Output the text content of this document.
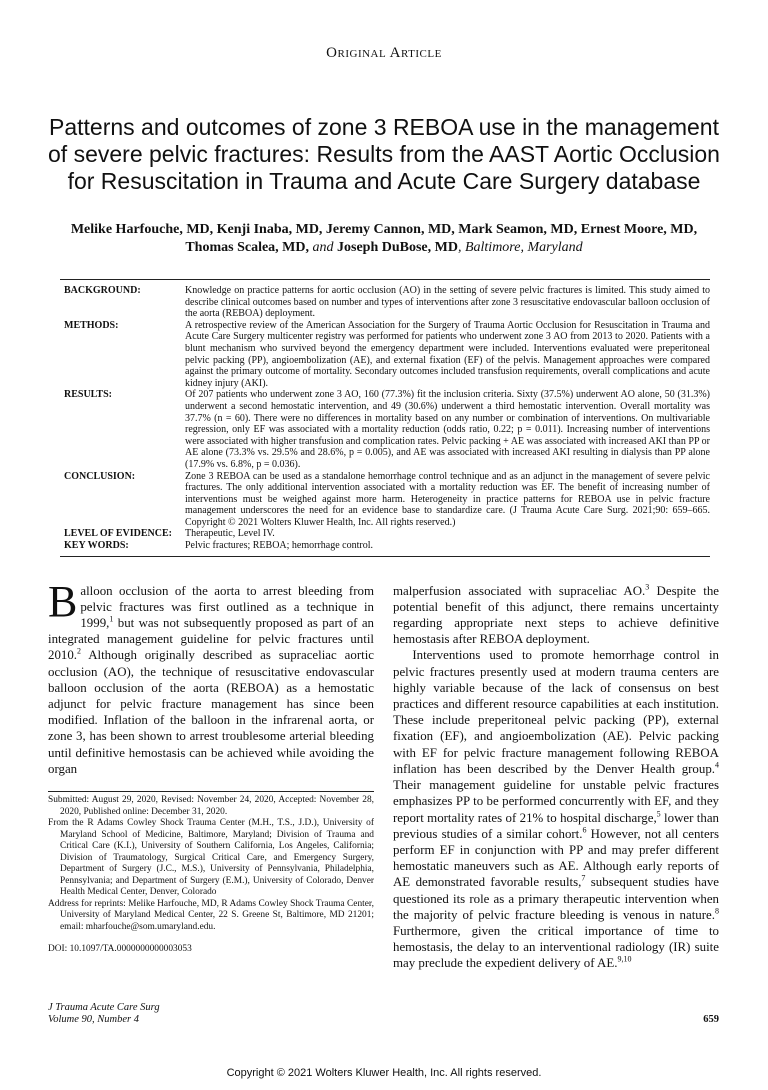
Original Article
Patterns and outcomes of zone 3 REBOA use in the management of severe pelvic fractures: Results from the AAST Aortic Occlusion for Resuscitation in Trauma and Acute Care Surgery database
Melike Harfouche, MD, Kenji Inaba, MD, Jeremy Cannon, MD, Mark Seamon, MD, Ernest Moore, MD,
Thomas Scalea, MD, and Joseph DuBose, MD, Baltimore, Maryland
BACKGROUND:	Knowledge on practice patterns for aortic occlusion (AO) in the setting of severe pelvic fractures is limited. This study aimed to describe clinical outcomes based on number and types of interventions after zone 3 resuscitative endovascular balloon occlusion of the aorta (REBOA) deployment.
METHODS:	A retrospective review of the American Association for the Surgery of Trauma Aortic Occlusion for Resuscitation in Trauma and Acute Care Surgery multicenter registry was performed for patients who underwent zone 3 AO from 2013 to 2020. Patients with a blunt mechanism who survived beyond the emergency department were included. Interventions evaluated were preperitoneal pelvic packing (PP), angioembolization (AE), and external fixation (EF) of the pelvis. Management approaches were compared against the primary outcome of mortality. Secondary outcomes included transfusion requirements, overall complications and acute kidney injury (AKI).
RESULTS:	Of 207 patients who underwent zone 3 AO, 160 (77.3%) fit the inclusion criteria. Sixty (37.5%) underwent AO alone, 50 (31.3%) underwent a second hemostatic intervention, and 49 (30.6%) underwent a third hemostatic intervention. Overall mortality was 37.7% (n = 60). There were no differences in mortality based on any number or combination of interventions. On multivariable regression, only EF was associated with a mortality reduction (odds ratio, 0.22; p = 0.011). Increasing number of interventions were associated with higher transfusion and complication rates. Pelvic packing + AE was associated with increased AKI than PP or AE alone (73.3% vs. 29.5% and 28.6%, p = 0.005), and AE was associated with increased AKI resulting in dialysis than PP alone (17.9% vs. 6.8%, p = 0.036).
CONCLUSION:	Zone 3 REBOA can be used as a standalone hemorrhage control technique and as an adjunct in the management of severe pelvic fractures. The only additional intervention associated with a mortality reduction was EF. The benefit of increasing number of interventions must be weighed against more harm. Heterogeneity in practice patterns for REBOA use in pelvic fracture management underscores the need for an evidence base to standardize care. (J Trauma Acute Care Surg. 2021;90: 659–665. Copyright © 2021 Wolters Kluwer Health, Inc. All rights reserved.)
LEVEL OF EVIDENCE:	Therapeutic, Level IV.
KEY WORDS:	Pelvic fractures; REBOA; hemorrhage control.
Balloon occlusion of the aorta to arrest bleeding from pelvic fractures was first outlined as a technique in 1999,$^1$ but was not subsequently proposed as part of an integrated management guideline for pelvic fractures until 2010.$^2$ Although originally described as supraceliac aortic occlusion (AO), the technique of resuscitative endovascular balloon occlusion of the aorta (REBOA) as a hemostatic adjunct for pelvic fracture management has since been modified. Inflation of the balloon in the infrarenal aorta, or zone 3, has been shown to arrest troublesome arterial bleeding until definitive hemostasis can be achieved while avoiding the organ
Submitted: August 29, 2020, Revised: November 24, 2020, Accepted: November 28, 2020, Published online: December 31, 2020.
From the R Adams Cowley Shock Trauma Center (M.H., T.S., J.D.), University of Maryland School of Medicine, Baltimore, Maryland; Division of Trauma and Critical Care (K.I.), University of Southern California, Los Angeles, California; Division of Traumatology, Surgical Critical Care, and Emergency Surgery, Department of Surgery (J.C., M.S.), University of Pennsylvania, Philadelphia, Pennsylvania; and Department of Surgery (E.M.), University of Colorado, Denver Health Medical Center, Denver, Colorado
Address for reprints: Melike Harfouche, MD, R Adams Cowley Shock Trauma Center, University of Maryland Medical Center, 22 S. Greene St, Baltimore, MD 21201; email: mharfouche@som.umaryland.edu.
DOI: 10.1097/TA.0000000000003053
malperfusion associated with supraceliac AO.$^3$ Despite the potential benefit of this adjunct, there remains uncertainty regarding appropriate next steps to achieve definitive hemostasis after REBOA deployment.
Interventions used to promote hemorrhage control in pelvic fractures presently used at modern trauma centers are highly variable because of the lack of consensus on best practices and different resource capabilities at each institution. These include preperitoneal pelvic packing (PP), external fixation (EF), and angioembolization (AE). Pelvic packing with EF for pelvic fracture management following REBOA inflation has been described by the Denver Health group.$^4$ Their management guideline for unstable pelvic fractures emphasizes PP to be performed concurrently with EF, and they report mortality rates of 21% to hospital discharge,$^5$ lower than previous studies of a similar cohort.$^6$ However, not all centers perform EF in conjunction with PP and may prefer different hemostatic maneuvers such as AE. Although early reports of AE demonstrated favorable results,$^7$ subsequent studies have questioned its role as a primary therapeutic intervention when the majority of pelvic fracture bleeding is venous in nature.$^8$ Furthermore, given the critical importance of time to hemostasis, the delay to an interventional radiology (IR) suite may preclude the expedient delivery of AE.$^{9,10}$
J Trauma Acute Care Surg
Volume 90, Number 4	659
Copyright © 2021 Wolters Kluwer Health, Inc. All rights reserved.
